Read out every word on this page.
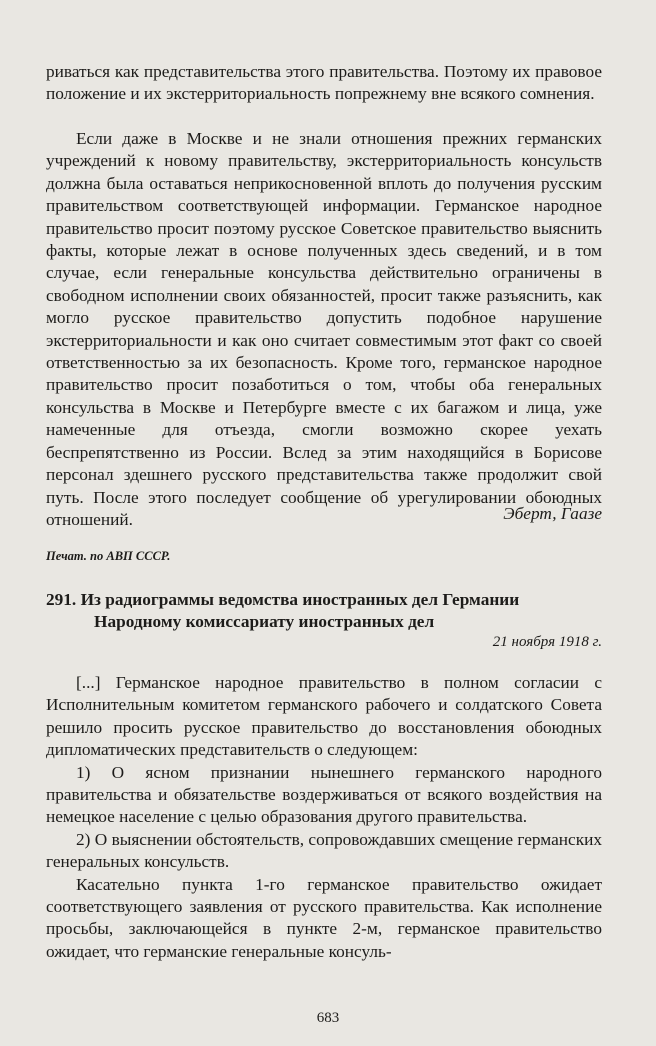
риваться как представительства этого правительства. Поэтому их правовое положение и их экстерриториальность попрежнему вне всякого сомнения.

Если даже в Москве и не знали отношения прежних германских учреждений к новому правительству, экстерриториальность консульств должна была оставаться неприкосновенной вплоть до получения русским правительством соответствующей информации. Германское народное правительство просит поэтому русское Советское правительство выяснить факты, которые лежат в основе полученных здесь сведений, и в том случае, если генеральные консульства действительно ограничены в свободном исполнении своих обязанностей, просит также разъяснить, как могло русское правительство допустить подобное нарушение экстерриториальности и как оно считает совместимым этот факт со своей ответственностью за их безопасность. Кроме того, германское народное правительство просит позаботиться о том, чтобы оба генеральных консульства в Москве и Петербурге вместе с их багажом и лица, уже намеченные для отъезда, смогли возможно скорее уехать беспрепятственно из России. Вслед за этим находящийся в Борисове персонал здешнего русского представительства также продолжит свой путь. После этого последует сообщение об урегулировании обоюдных отношений.	Эберт, Гаазе
Печат. по АВП СССР.
291. Из радиограммы ведомства иностранных дел Германии
Народному комиссариату иностранных дел
21 ноября 1918 г.

[...] Германское народное правительство в полном согласии с Исполнительным комитетом германского рабочего и солдатского Совета решило просить русское правительство до восстановления обоюдных дипломатических представительств о следующем:

1) О ясном признании нынешнего германского народного правительства и обязательстве воздерживаться от всякого воздействия на немецкое население с целью образования другого правительства.

2) О выяснении обстоятельств, сопровождавших смещение германских генеральных консульств.

Касательно пункта 1-го германское правительство ожидает соответствующего заявления от русского правительства. Как исполнение просьбы, заключающейся в пункте 2-м, германское правительство ожидает, что германские генеральные консуль-

683
